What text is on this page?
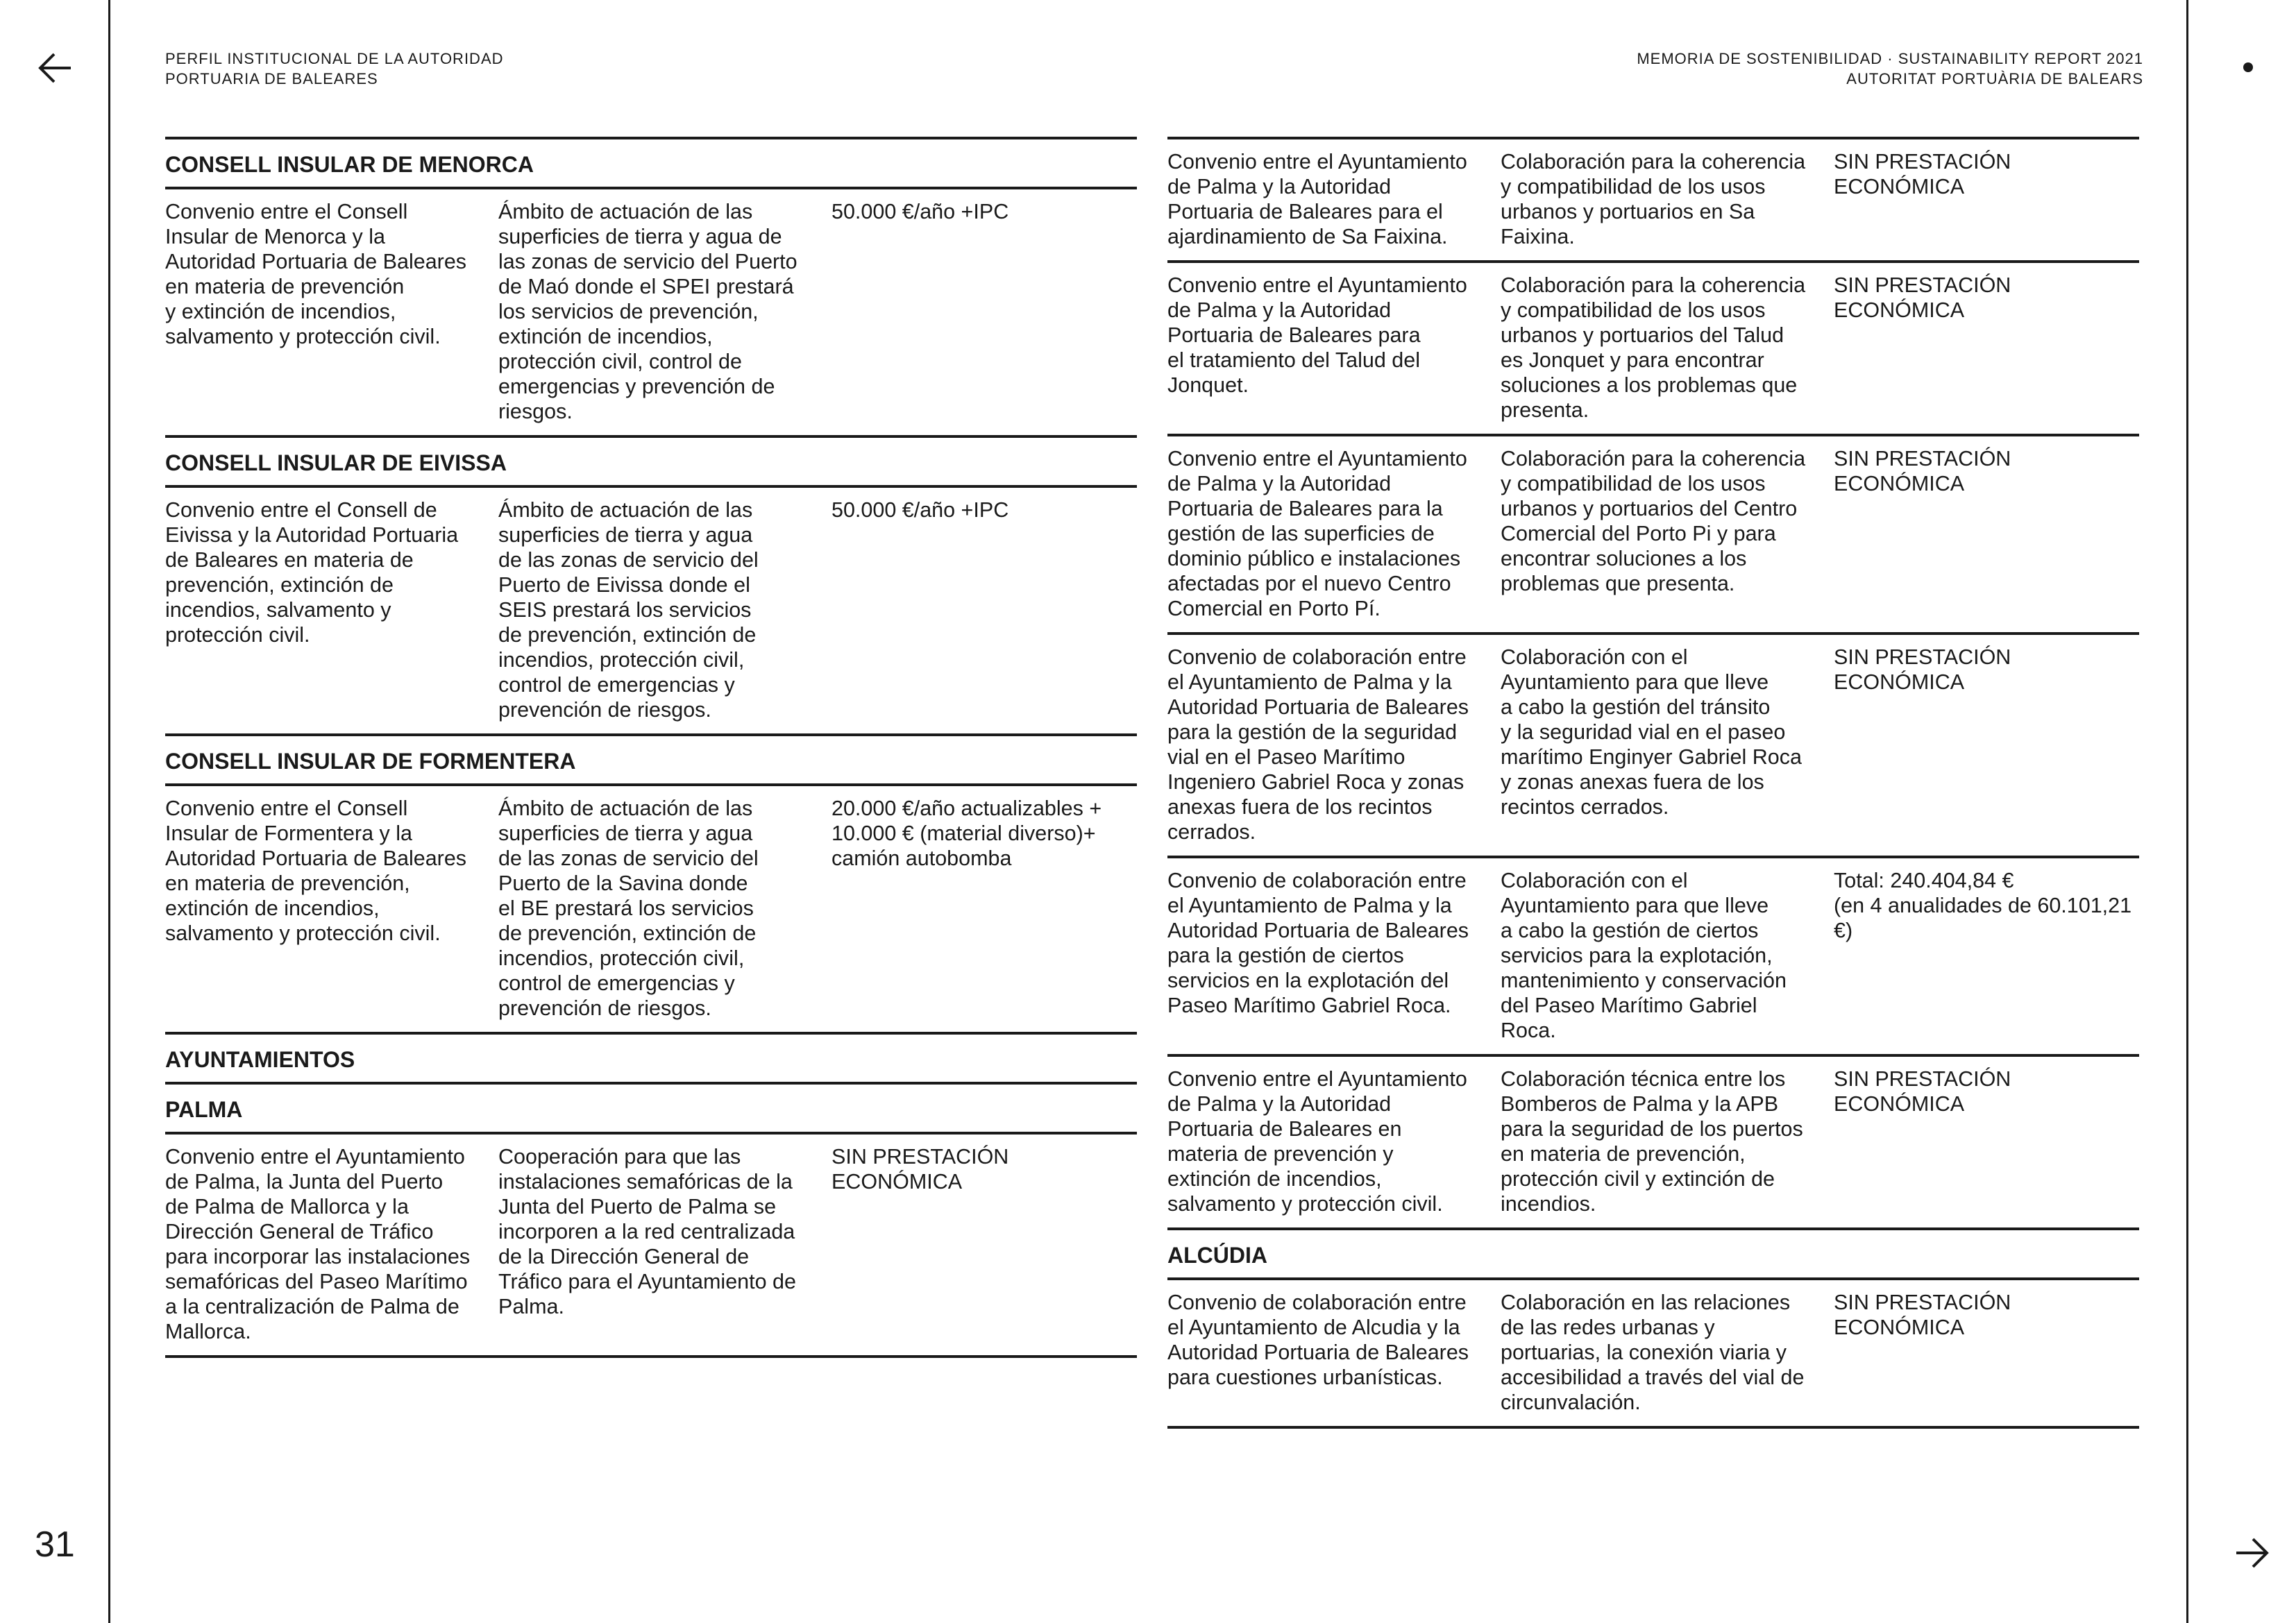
31
PERFIL INSTITUCIONAL DE LA AUTORIDAD
PORTUARIA DE BALEARES
MEMORIA DE SOSTENIBILIDAD · SUSTAINABILITY REPORT 2021
AUTORITAT PORTUÀRIA DE BALEARS
CONSELL INSULAR DE MENORCA
Convenio entre el Consell
Insular de Menorca y la
Autoridad Portuaria de Baleares
en materia de prevención
y extinción de incendios,
salvamento y protección civil.
Ámbito de actuación de las
superficies de tierra y agua de
las zonas de servicio del Puerto
de Maó donde el SPEI prestará
los servicios de prevención,
extinción de incendios,
protección civil, control de
emergencias y prevención de
riesgos.
50.000 €/año +IPC
CONSELL INSULAR DE EIVISSA
Convenio entre el Consell de
Eivissa y la Autoridad Portuaria
de Baleares en materia de
prevención, extinción de
incendios, salvamento y
protección civil.
Ámbito de actuación de las
superficies de tierra y agua
de las zonas de servicio del
Puerto de Eivissa donde el
SEIS prestará los servicios
de prevención, extinción de
incendios, protección civil,
control de emergencias y
prevención de riesgos.
50.000 €/año +IPC
CONSELL INSULAR DE FORMENTERA
Convenio entre el Consell
Insular de Formentera y la
Autoridad Portuaria de Baleares
en materia de prevención,
extinción de incendios,
salvamento y protección civil.
Ámbito de actuación de las
superficies de tierra y agua
de las zonas de servicio del
Puerto de la Savina donde
el BE prestará los servicios
de prevención, extinción de
incendios, protección civil,
control de emergencias y
prevención de riesgos.
20.000 €/año actualizables +
10.000 € (material diverso)+
camión autobomba
AYUNTAMIENTOS
PALMA
Convenio entre el Ayuntamiento
de Palma, la Junta del Puerto
de Palma de Mallorca y la
Dirección General de Tráfico
para incorporar las instalaciones
semafóricas del Paseo Marítimo
a la centralización de Palma de
Mallorca.
Cooperación para que las
instalaciones semafóricas de la
Junta del Puerto de Palma se
incorporen a la red centralizada
de la Dirección General de
Tráfico para el Ayuntamiento de
Palma.
SIN PRESTACIÓN
ECONÓMICA
Convenio entre el Ayuntamiento
de Palma y la Autoridad
Portuaria de Baleares para el
ajardinamiento de Sa Faixina.
Colaboración para la coherencia
y compatibilidad de los usos
urbanos y portuarios en Sa
Faixina.
SIN PRESTACIÓN
ECONÓMICA
Convenio entre el Ayuntamiento
de Palma y la Autoridad
Portuaria de Baleares para
el tratamiento del Talud del
Jonquet.
Colaboración para la coherencia
y compatibilidad de los usos
urbanos y portuarios del Talud
es Jonquet y para encontrar
soluciones a los problemas que
presenta.
SIN PRESTACIÓN
ECONÓMICA
Convenio entre el Ayuntamiento
de Palma y la Autoridad
Portuaria de Baleares para la
gestión de las superficies de
dominio público e instalaciones
afectadas por el nuevo Centro
Comercial en Porto Pí.
Colaboración para la coherencia
y compatibilidad de los usos
urbanos y portuarios del Centro
Comercial del Porto Pi y para
encontrar soluciones a los
problemas que presenta.
SIN PRESTACIÓN
ECONÓMICA
Convenio de colaboración entre
el Ayuntamiento de Palma y la
Autoridad Portuaria de Baleares
para la gestión de la seguridad
vial en el Paseo Marítimo
Ingeniero Gabriel Roca y zonas
anexas fuera de los recintos
cerrados.
Colaboración con el
Ayuntamiento para que lleve
a cabo la gestión del tránsito
y la seguridad vial en el paseo
marítimo Enginyer Gabriel Roca
y zonas anexas fuera de los
recintos cerrados.
SIN PRESTACIÓN
ECONÓMICA
Convenio de colaboración entre
el Ayuntamiento de Palma y la
Autoridad Portuaria de Baleares
para la gestión de ciertos
servicios en la explotación del
Paseo Marítimo Gabriel Roca.
Colaboración con el
Ayuntamiento para que lleve
a cabo la gestión de ciertos
servicios para la explotación,
mantenimiento y conservación
del Paseo Marítimo Gabriel
Roca.
Total: 240.404,84 €
(en 4 anualidades de 60.101,21 €)
Convenio entre el Ayuntamiento
de Palma y la Autoridad
Portuaria de Baleares en
materia de prevención y
extinción de incendios,
salvamento y protección civil.
Colaboración técnica entre los
Bomberos de Palma y la APB
para la seguridad de los puertos
en materia de prevención,
protección civil y extinción de
incendios.
SIN PRESTACIÓN
ECONÓMICA
ALCÚDIA
Convenio de colaboración entre
el Ayuntamiento de Alcudia y la
Autoridad Portuaria de Baleares
para cuestiones urbanísticas.
Colaboración en las relaciones
de las redes urbanas y
portuarias, la conexión viaria y
accesibilidad a través del vial de
circunvalación.
SIN PRESTACIÓN
ECONÓMICA
